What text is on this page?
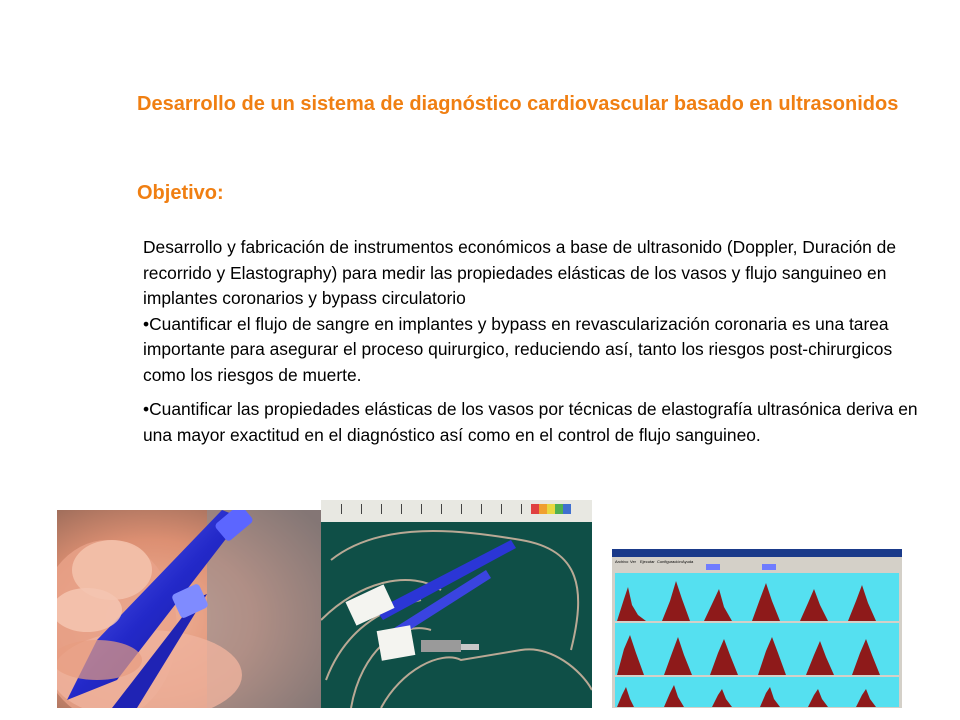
Desarrollo de un sistema de diagnóstico cardiovascular basado en ultrasonidos
Objetivo:

Desarrollo y fabricación de instrumentos económicos a base de ultrasonido (Doppler, Duración de recorrido y Elastography) para medir las propiedades elásticas de los vasos y flujo sanguineo en implantes coronarios y bypass circulatorio

•Cuantificar el flujo de sangre en implantes y bypass en revascularización coronaria es una tarea importante para asegurar el proceso quirurgico, reduciendo así, tanto los riesgos post-chirurgicos como los riesgos de muerte.

•Cuantificar las propiedades elásticas de los vasos por técnicas de elastografía ultrasónica deriva en una mayor exactitud en el diagnóstico así como en el control de flujo sanguineo.

Archivo Ver Ejecutar Configuración Ayuda
